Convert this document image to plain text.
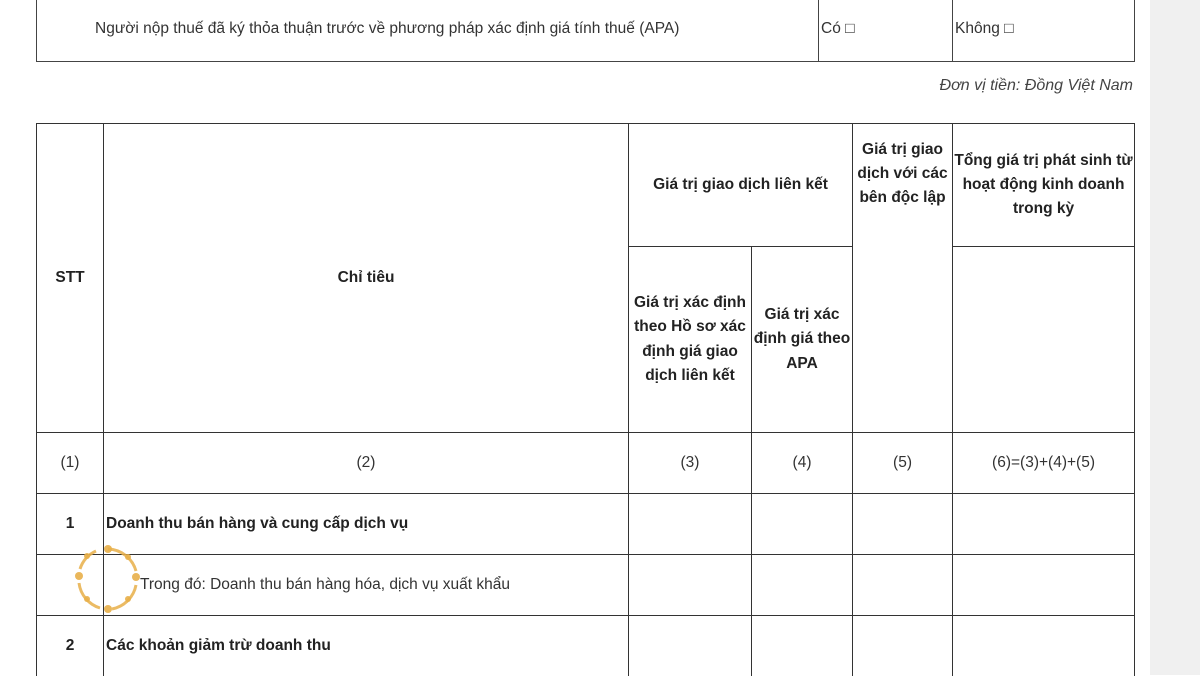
Người nộp thuế đã ký thỏa thuận trước về phương pháp xác định giá tính thuế (APA)	Có □	Không □
Đơn vị tiền: Đồng Việt Nam
STT	Chỉ tiêu	Giá trị giao dịch liên kết		Giá trị giao dịch với các bên độc lập	Tổng giá trị phát sinh từ hoạt động kinh doanh trong kỳ
		Giá trị xác định theo Hồ sơ xác định giá giao dịch liên kết	Giá trị xác định giá theo APA		
(1)	(2)	(3)	(4)	(5)	(6)=(3)+(4)+(5)
1	Doanh thu bán hàng và cung cấp dịch vụ				
	Trong đó: Doanh thu bán hàng hóa, dịch vụ xuất khẩu				
2	Các khoản giảm trừ doanh thu				
